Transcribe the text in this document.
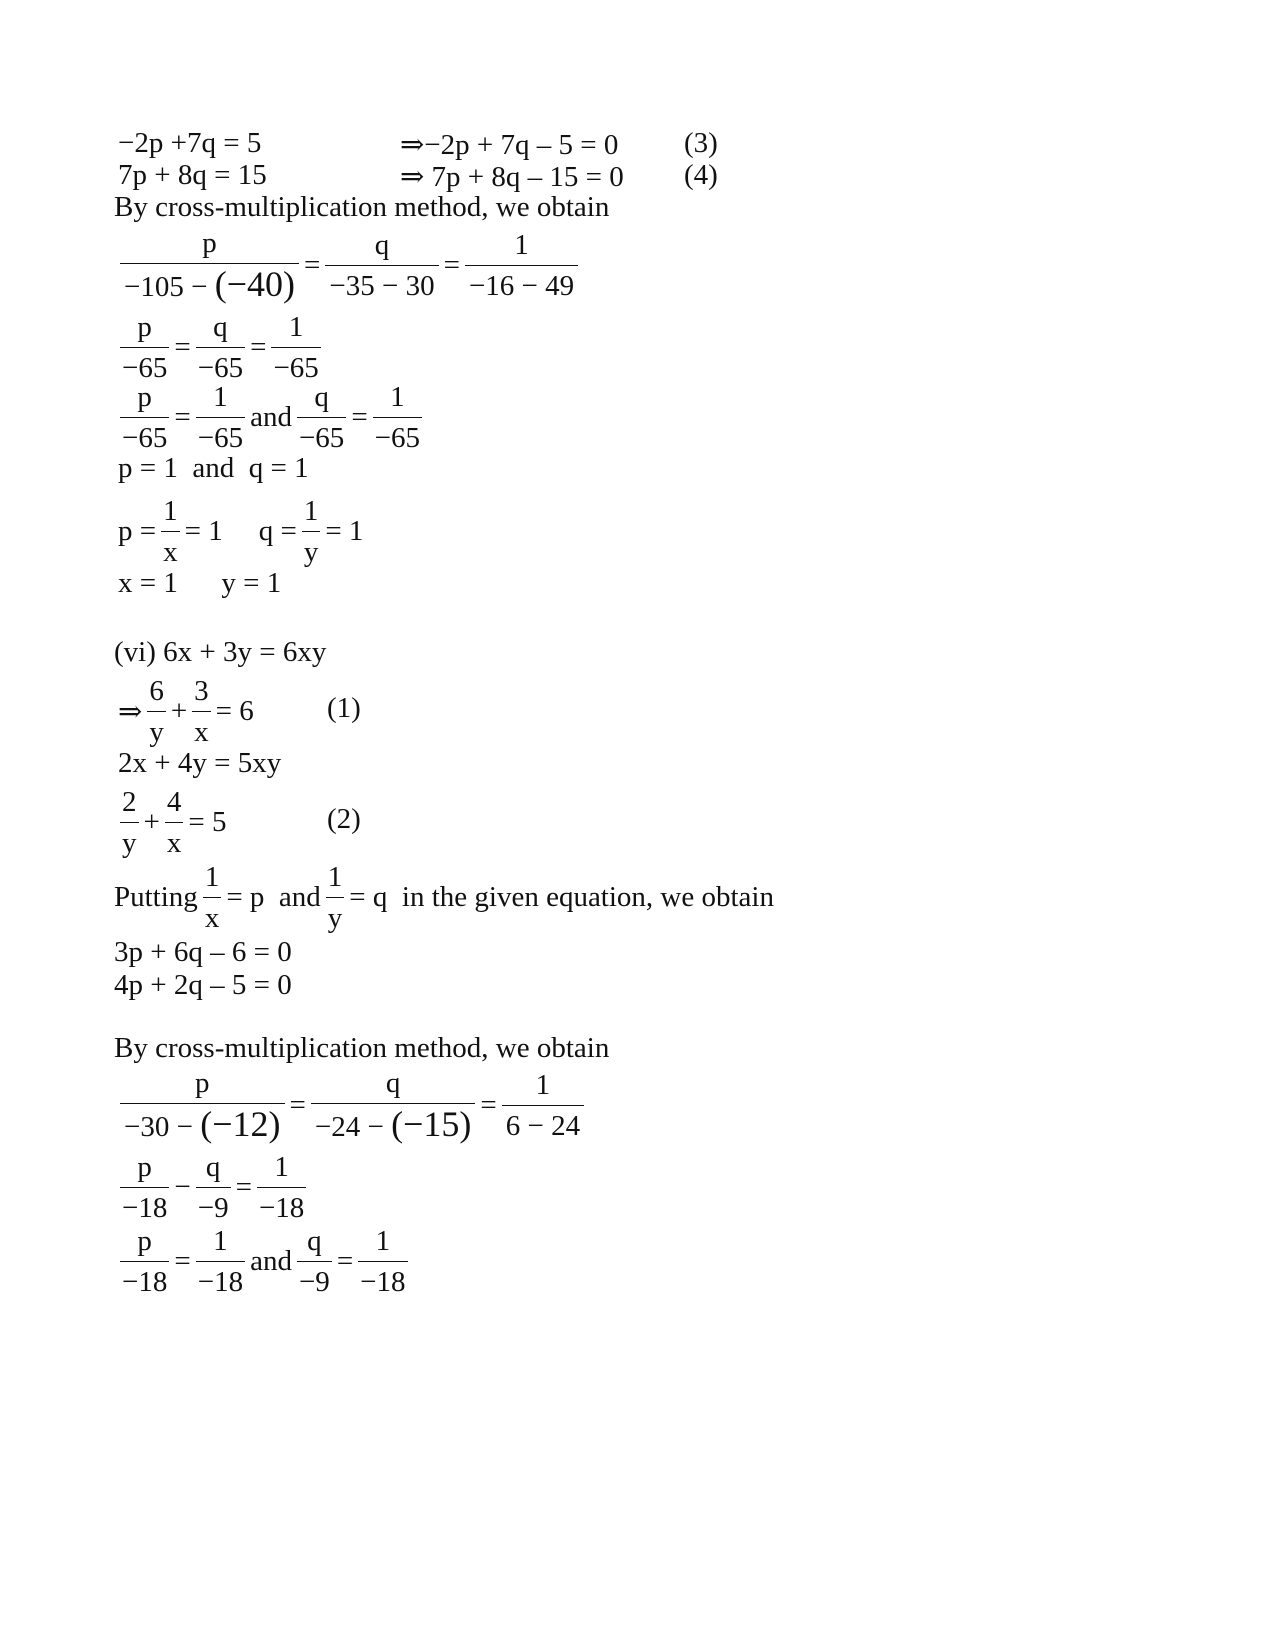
−2p +7q = 5	⇒−2p + 7q – 5 = 0 (3)
7p + 8q = 15	⇒ 7p + 8q – 15 = 0 (4)
By cross-multiplication method, we obtain
$\frac{p}{-105 - (-40)} = \frac{q}{-35 - 30} = \frac{1}{-16 - 49}$
$\frac{p}{-65} = \frac{q}{-65} = \frac{1}{-65}$
$\frac{p}{-65} = \frac{1}{-65}$ and $\frac{q}{-65} = \frac{1}{-65}$
p = 1  and  q = 1
$p = \frac{1}{x} = 1$ $q = \frac{1}{y} = 1$
x = 1      y = 1
(vi) 6x + 3y = 6xy
⇒ $\frac{6}{y} + \frac{3}{x} = 6$	(1)
2x + 4y = 5xy
$\frac{2}{y} + \frac{4}{x} = 5$	(2)
Putting $\frac{1}{x} = p$  and $\frac{1}{y} = q$  in the given equation, we obtain
3p + 6q – 6 = 0
4p + 2q – 5 = 0
By cross-multiplication method, we obtain
$\frac{p}{-30 - (-12)} = \frac{q}{-24 - (-15)} = \frac{1}{6 - 24}$
$\frac{p}{-18} - \frac{q}{-9} = \frac{1}{-18}$
$\frac{p}{-18} = \frac{1}{-18}$ and $\frac{q}{-9} = \frac{1}{-18}$
